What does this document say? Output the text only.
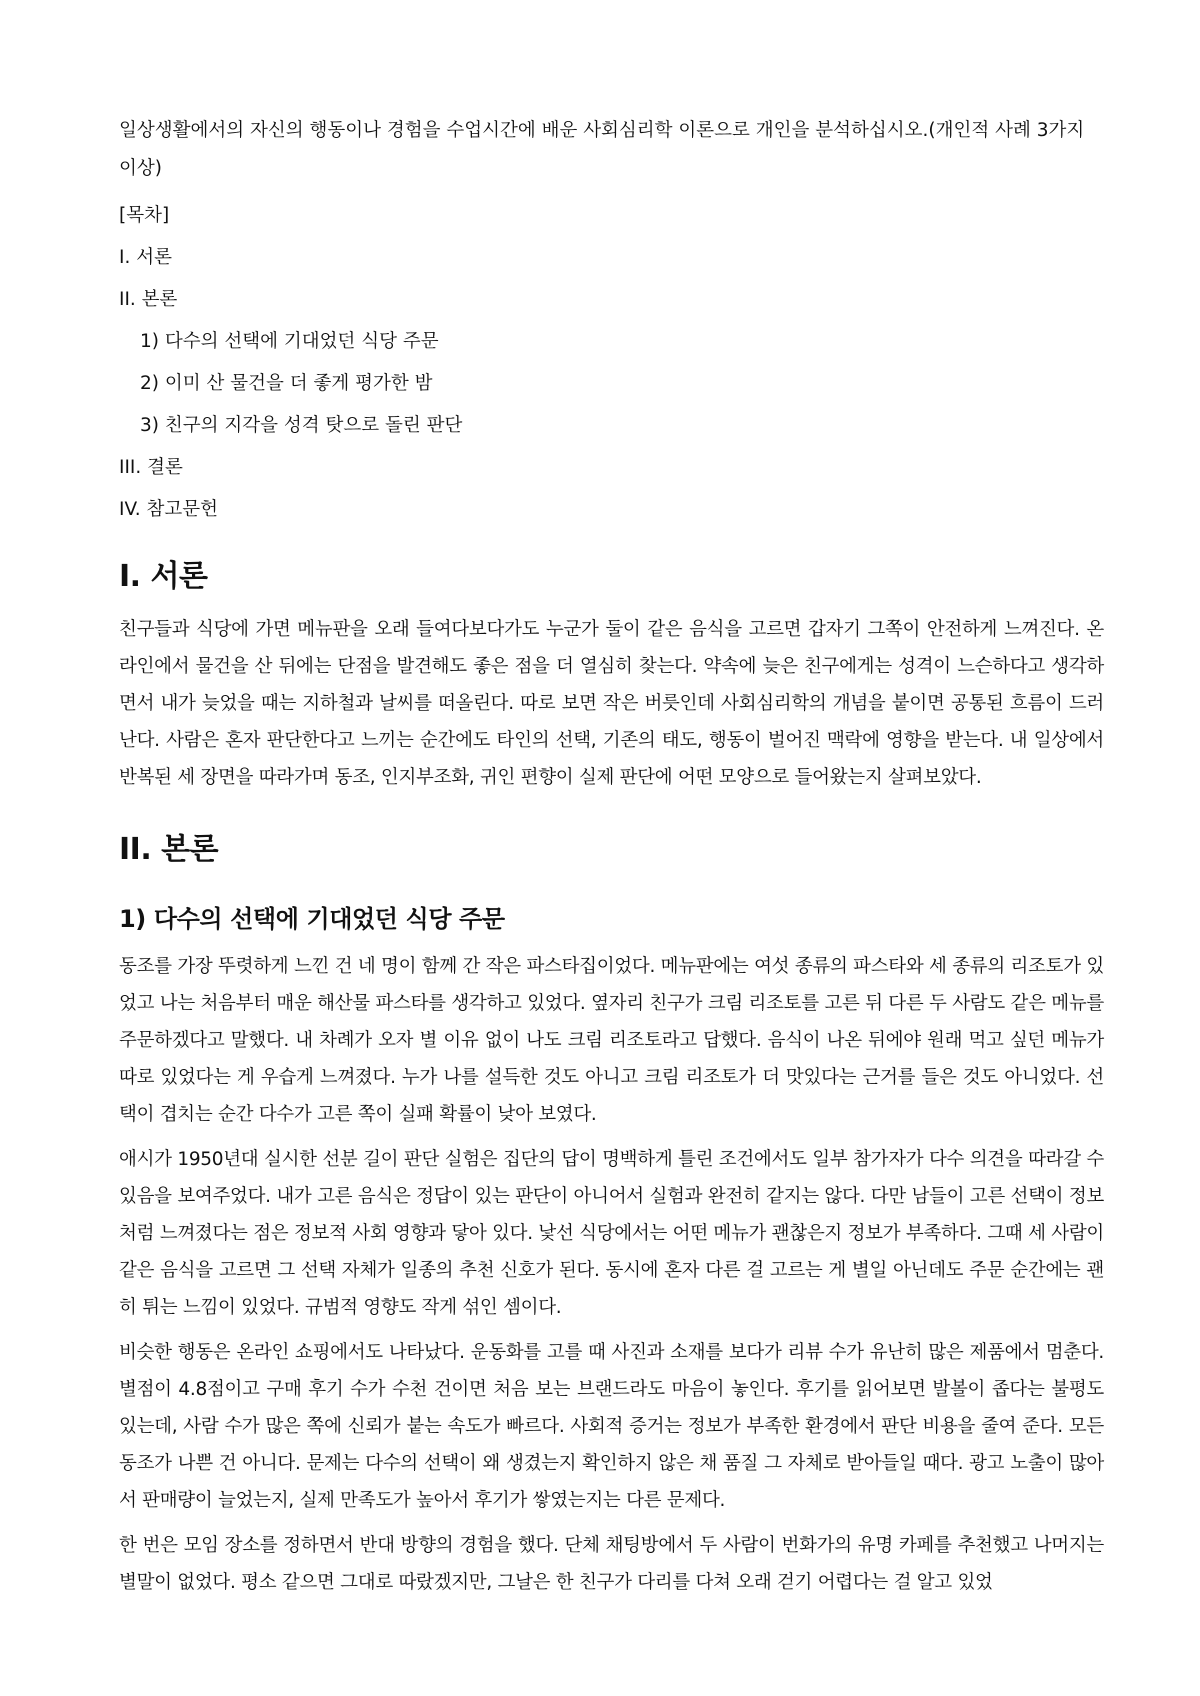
일상생활에서의 자신의 행동이나 경험을 수업시간에 배운 사회심리학 이론으로 개인을 분석하십시오.(개인적 사례 3가지 이상)

[목차]
I. 서론
II. 본론
1) 다수의 선택에 기대었던 식당 주문
2) 이미 산 물건을 더 좋게 평가한 밤
3) 친구의 지각을 성격 탓으로 돌린 판단
III. 결론
IV. 참고문헌
I. 서론

친구들과 식당에 가면 메뉴판을 오래 들여다보다가도 누군가 둘이 같은 음식을 고르면 갑자기 그쪽이 안전하게 느껴진다. 온라인에서 물건을 산 뒤에는 단점을 발견해도 좋은 점을 더 열심히 찾는다. 약속에 늦은 친구에게는 성격이 느슨하다고 생각하면서 내가 늦었을 때는 지하철과 날씨를 떠올린다. 따로 보면 작은 버릇인데 사회심리학의 개념을 붙이면 공통된 흐름이 드러난다. 사람은 혼자 판단한다고 느끼는 순간에도 타인의 선택, 기존의 태도, 행동이 벌어진 맥락에 영향을 받는다. 내 일상에서 반복된 세 장면을 따라가며 동조, 인지부조화, 귀인 편향이 실제 판단에 어떤 모양으로 들어왔는지 살펴보았다.

II. 본론
1) 다수의 선택에 기대었던 식당 주문

동조를 가장 뚜렷하게 느낀 건 네 명이 함께 간 작은 파스타집이었다. 메뉴판에는 여섯 종류의 파스타와 세 종류의 리조토가 있었고 나는 처음부터 매운 해산물 파스타를 생각하고 있었다. 옆자리 친구가 크림 리조토를 고른 뒤 다른 두 사람도 같은 메뉴를 주문하겠다고 말했다. 내 차례가 오자 별 이유 없이 나도 크림 리조토라고 답했다. 음식이 나온 뒤에야 원래 먹고 싶던 메뉴가 따로 있었다는 게 우습게 느껴졌다. 누가 나를 설득한 것도 아니고 크림 리조토가 더 맛있다는 근거를 들은 것도 아니었다. 선택이 겹치는 순간 다수가 고른 쪽이 실패 확률이 낮아 보였다.

애시가 1950년대 실시한 선분 길이 판단 실험은 집단의 답이 명백하게 틀린 조건에서도 일부 참가자가 다수 의견을 따라갈 수 있음을 보여주었다. 내가 고른 음식은 정답이 있는 판단이 아니어서 실험과 완전히 같지는 않다. 다만 남들이 고른 선택이 정보처럼 느껴졌다는 점은 정보적 사회 영향과 닿아 있다. 낯선 식당에서는 어떤 메뉴가 괜찮은지 정보가 부족하다. 그때 세 사람이 같은 음식을 고르면 그 선택 자체가 일종의 추천 신호가 된다. 동시에 혼자 다른 걸 고르는 게 별일 아닌데도 주문 순간에는 괜히 튀는 느낌이 있었다. 규범적 영향도 작게 섞인 셈이다.

비슷한 행동은 온라인 쇼핑에서도 나타났다. 운동화를 고를 때 사진과 소재를 보다가 리뷰 수가 유난히 많은 제품에서 멈춘다. 별점이 4.8점이고 구매 후기 수가 수천 건이면 처음 보는 브랜드라도 마음이 놓인다. 후기를 읽어보면 발볼이 좁다는 불평도 있는데, 사람 수가 많은 쪽에 신뢰가 붙는 속도가 빠르다. 사회적 증거는 정보가 부족한 환경에서 판단 비용을 줄여 준다. 모든 동조가 나쁜 건 아니다. 문제는 다수의 선택이 왜 생겼는지 확인하지 않은 채 품질 그 자체로 받아들일 때다. 광고 노출이 많아서 판매량이 늘었는지, 실제 만족도가 높아서 후기가 쌓였는지는 다른 문제다.

한 번은 모임 장소를 정하면서 반대 방향의 경험을 했다. 단체 채팅방에서 두 사람이 번화가의 유명 카페를 추천했고 나머지는 별말이 없었다. 평소 같으면 그대로 따랐겠지만, 그날은 한 친구가 다리를 다쳐 오래 걷기 어렵다는 걸 알고 있었
